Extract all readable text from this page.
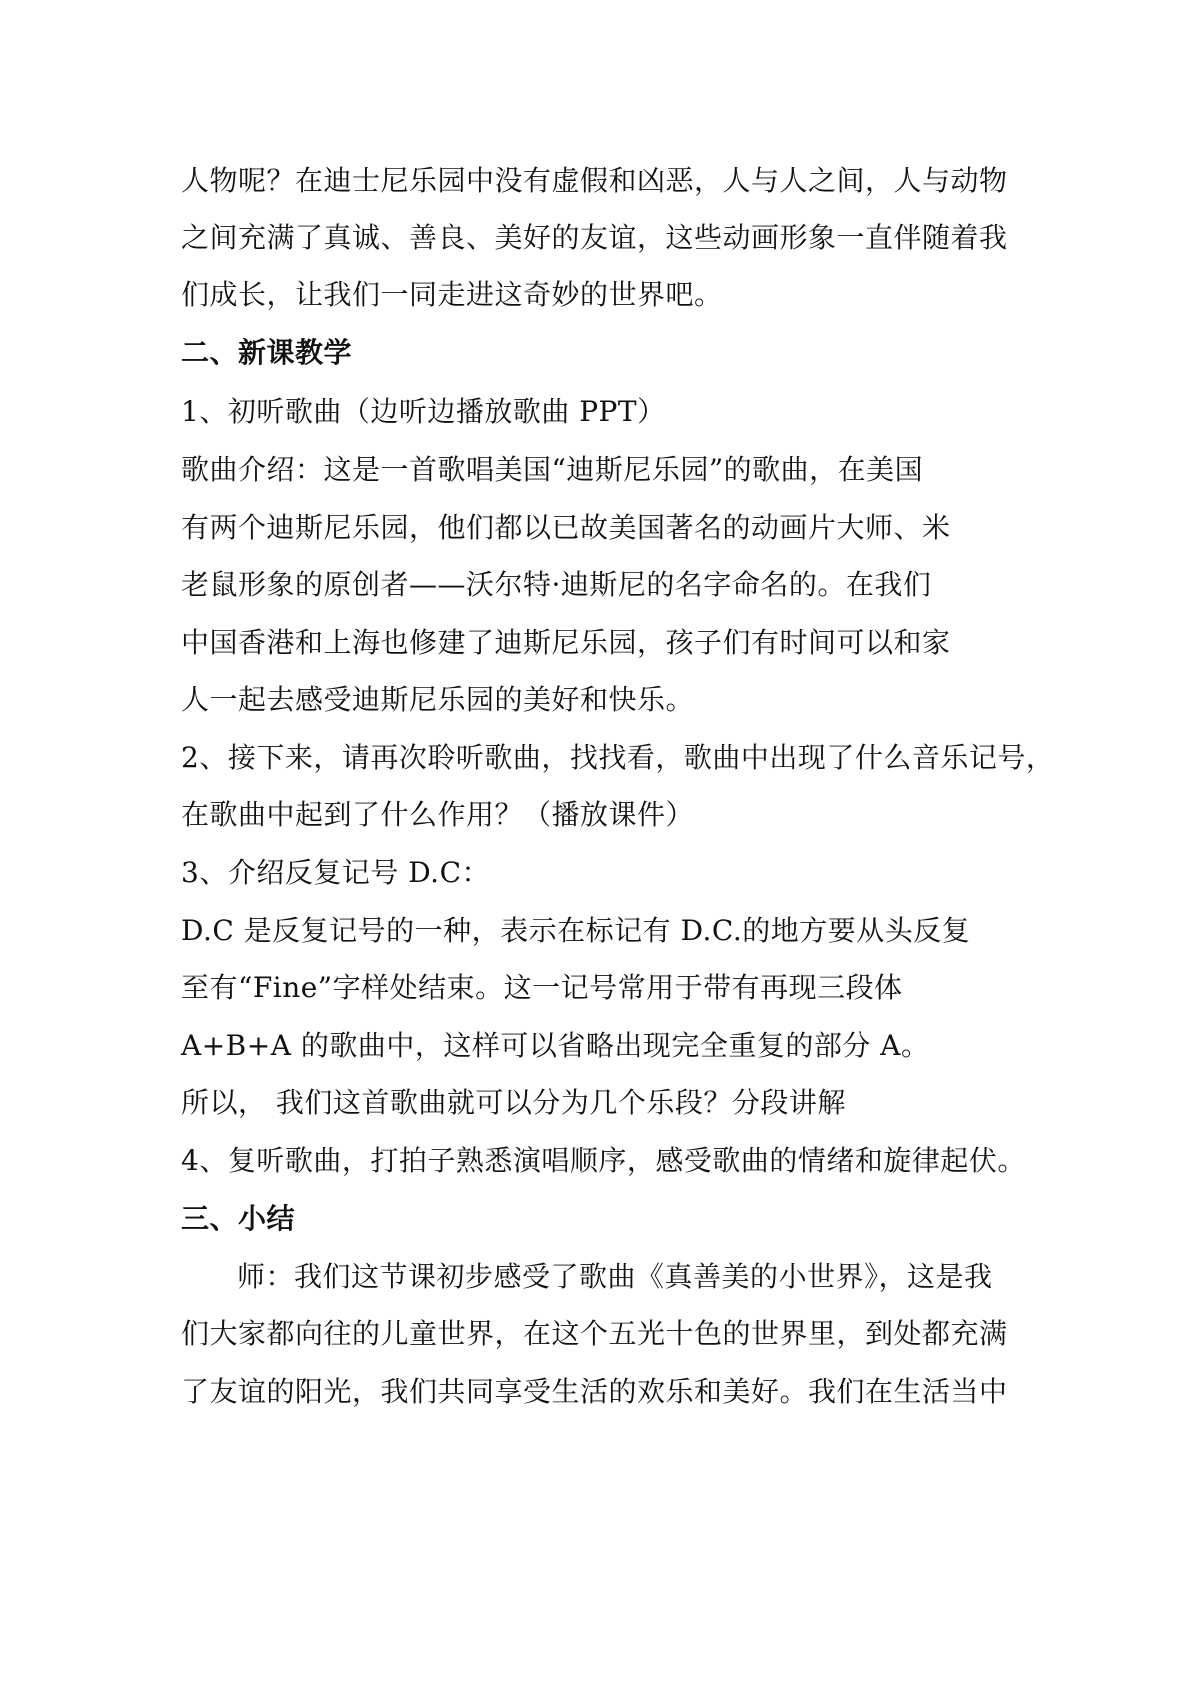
人物呢？在迪士尼乐园中没有虚假和凶恶，人与人之间，人与动物
之间充满了真诚、善良、美好的友谊，这些动画形象一直伴随着我
们成长，让我们一同走进这奇妙的世界吧。
二、新课教学
1、初听歌曲（边听边播放歌曲 PPT）
歌曲介绍：这是一首歌唱美国“迪斯尼乐园”的歌曲，在美国
有两个迪斯尼乐园，他们都以已故美国著名的动画片大师、米
老鼠形象的原创者——沃尔特·迪斯尼的名字命名的。在我们
中国香港和上海也修建了迪斯尼乐园，孩子们有时间可以和家
人一起去感受迪斯尼乐园的美好和快乐。
2、接下来，请再次聆听歌曲，找找看，歌曲中出现了什么音乐记号，
在歌曲中起到了什么作用？（播放课件）
3、介绍反复记号 D.C：
D.C 是反复记号的一种，表示在标记有 D.C.的地方要从头反复
至有“Fine”字样处结束。这一记号常用于带有再现三段体
A+B+A 的歌曲中，这样可以省略出现完全重复的部分 A。
所以， 我们这首歌曲就可以分为几个乐段？分段讲解
4、复听歌曲，打拍子熟悉演唱顺序，感受歌曲的情绪和旋律起伏。
三、小结
师：我们这节课初步感受了歌曲《真善美的小世界》，这是我
们大家都向往的儿童世界，在这个五光十色的世界里，到处都充满
了友谊的阳光，我们共同享受生活的欢乐和美好。我们在生活当中
